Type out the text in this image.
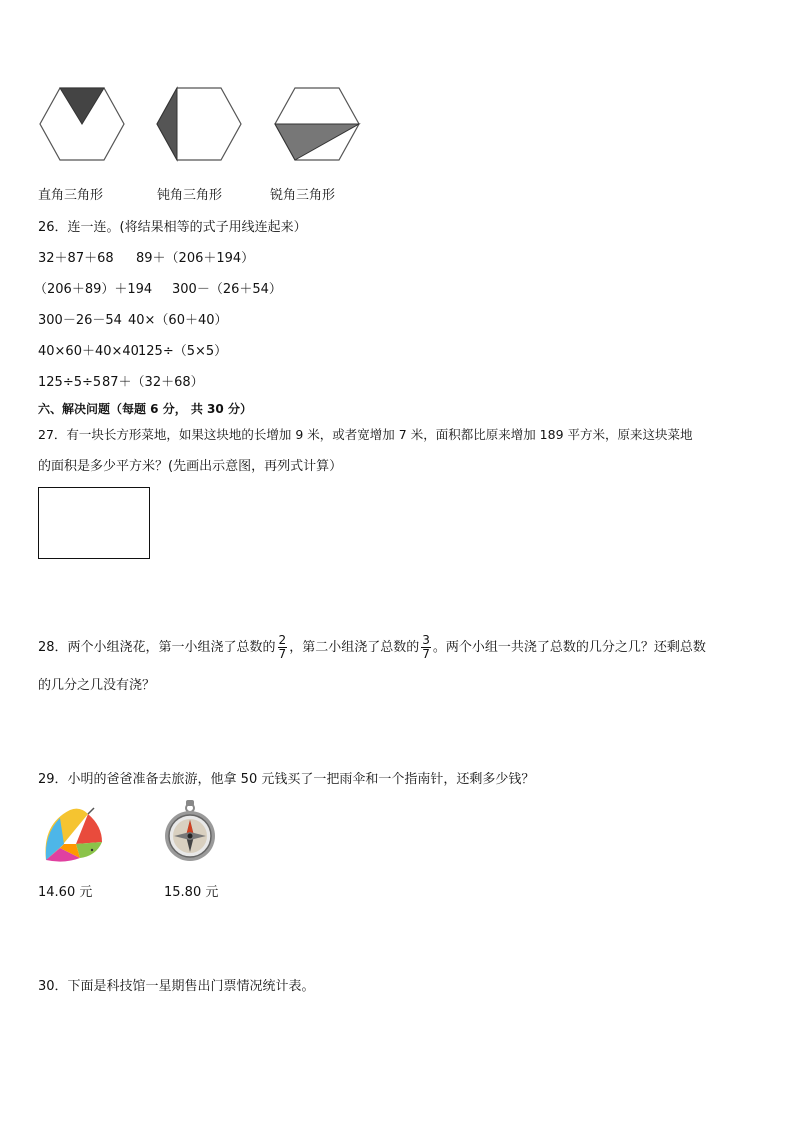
直角三角形	钝角三角形	锐角三角形
26．连一连。(将结果相等的式子用线连起来）
32＋87＋68 89＋（206＋194）
（206＋89）＋194 300－（26＋54）
300－26－54 40×（60＋40）
40×60＋40×40 125÷（5×5）
125÷5÷5 87＋（32＋68）
六、解决问题（每题 6 分， 共 30 分）
27．有一块长方形菜地，如果这块地的长增加 9 米，或者宽增加 7 米，面积都比原来增加 189 平方米，原来这块菜地
的面积是多少平方米？(先画出示意图，再列式计算）
28．两个小组浇花，第一小组浇了总数的 $\frac{2}{7}$ ，第二小组浇了总数的 $\frac{3}{7}$ 。两个小组一共浇了总数的几分之几？还剩总数
的几分之几没有浇？
29．小明的爸爸准备去旅游，他拿 50 元钱买了一把雨伞和一个指南针，还剩多少钱？
14.60 元	15.80 元
30．下面是科技馆一星期售出门票情况统计表。
